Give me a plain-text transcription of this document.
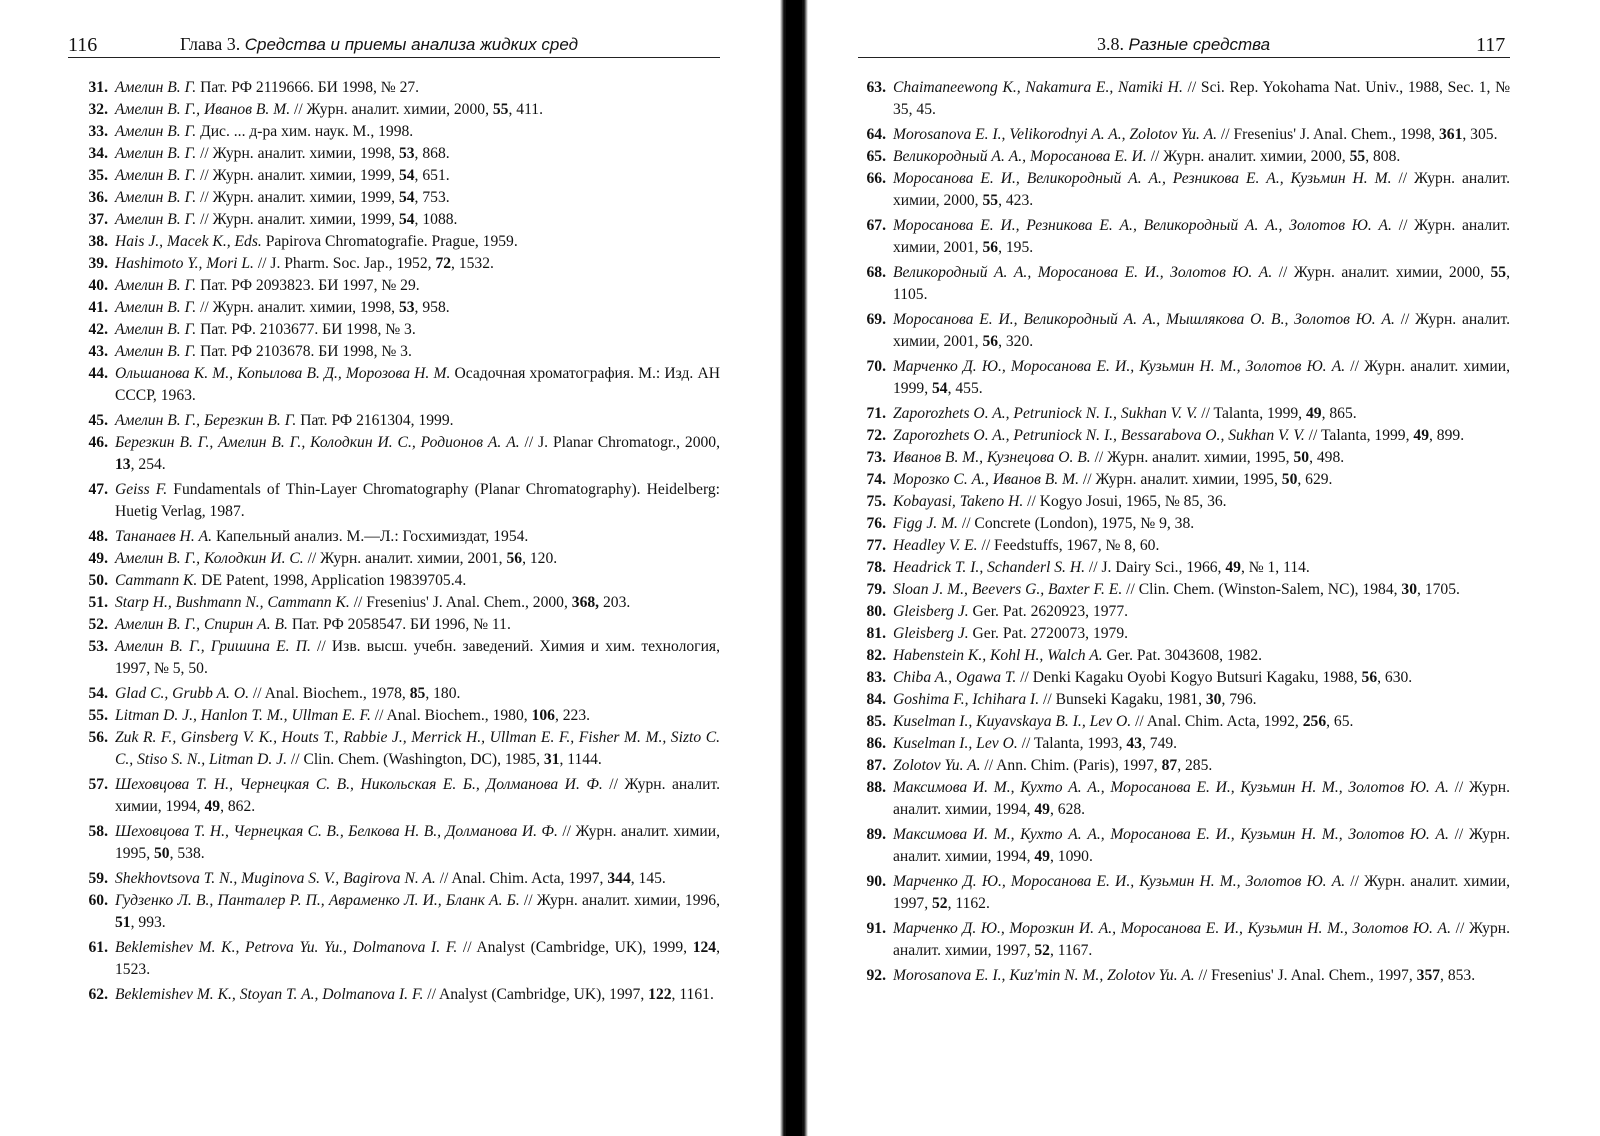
116	Глава 3. Средства и приемы анализа жидких сред
31. Амелин В. Г. Пат. РФ 2119666. БИ 1998, № 27.
32. Амелин В. Г., Иванов В. М. // Журн. аналит. химии, 2000, 55, 411.
33. Амелин В. Г. Дис. ... д-ра хим. наук. М., 1998.
34. Амелин В. Г. // Журн. аналит. химии, 1998, 53, 868.
35. Амелин В. Г. // Журн. аналит. химии, 1999, 54, 651.
36. Амелин В. Г. // Журн. аналит. химии, 1999, 54, 753.
37. Амелин В. Г. // Журн. аналит. химии, 1999, 54, 1088.
38. Hais J., Macek K., Eds. Papirova Chromatografie. Prague, 1959.
39. Hashimoto Y., Mori L. // J. Pharm. Soc. Jap., 1952, 72, 1532.
40. Амелин В. Г. Пат. РФ 2093823. БИ 1997, № 29.
41. Амелин В. Г. // Журн. аналит. химии, 1998, 53, 958.
42. Амелин В. Г. Пат. РФ. 2103677. БИ 1998, № 3.
43. Амелин В. Г. Пат. РФ 2103678. БИ 1998, № 3.
44. Ольшанова К. М., Копылова В. Д., Морозова Н. М. Осадочная хроматография. М.: Изд. АН СССР, 1963.
45. Амелин В. Г., Березкин В. Г. Пат. РФ 2161304, 1999.
46. Березкин В. Г., Амелин В. Г., Колодкин И. С., Родионов А. А. // J. Planar Chromatogr., 2000, 13, 254.
47. Geiss F. Fundamentals of Thin-Layer Chromatography (Planar Chromatography). Heidelberg: Huetig Verlag, 1987.
48. Тананаев Н. А. Капельный анализ. М.—Л.: Госхимиздат, 1954.
49. Амелин В. Г., Колодкин И. С. // Журн. аналит. химии, 2001, 56, 120.
50. Cammann K. DE Patent, 1998, Application 19839705.4.
51. Starp H., Bushmann N., Cammann K. // Fresenius' J. Anal. Chem., 2000, 368, 203.
52. Амелин В. Г., Спирин А. В. Пат. РФ 2058547. БИ 1996, № 11.
53. Амелин В. Г., Гришина Е. П. // Изв. высш. учебн. заведений. Химия и хим. технология, 1997, № 5, 50.
54. Glad C., Grubb A. O. // Anal. Biochem., 1978, 85, 180.
55. Litman D. J., Hanlon T. M., Ullman E. F. // Anal. Biochem., 1980, 106, 223.
56. Zuk R. F., Ginsberg V. K., Houts T., Rabbie J., Merrick H., Ullman E. F., Fisher M. M., Sizto C. C., Stiso S. N., Litman D. J. // Clin. Chem. (Washington, DC), 1985, 31, 1144.
57. Шеховцова Т. Н., Чернецкая С. В., Никольская Е. Б., Долманова И. Ф. // Журн. аналит. химии, 1994, 49, 862.
58. Шеховцова Т. Н., Чернецкая С. В., Белкова Н. В., Долманова И. Ф. // Журн. аналит. химии, 1995, 50, 538.
59. Shekhovtsova T. N., Muginova S. V., Bagirova N. A. // Anal. Chim. Acta, 1997, 344, 145.
60. Гудзенко Л. В., Панталер Р. П., Авраменко Л. И., Бланк А. Б. // Журн. аналит. химии, 1996, 51, 993.
61. Beklemishev M. K., Petrova Yu. Yu., Dolmanova I. F. // Analyst (Cambridge, UK), 1999, 124, 1523.
62. Beklemishev M. K., Stoyan T. A., Dolmanova I. F. // Analyst (Cambridge, UK), 1997, 122, 1161.
3.8. Разные средства	117
63. Chaimaneewong K., Nakamura E., Namiki H. // Sci. Rep. Yokohama Nat. Univ., 1988, Sec. 1, № 35, 45.
64. Morosanova E. I., Velikorodnyi A. A., Zolotov Yu. A. // Fresenius' J. Anal. Chem., 1998, 361, 305.
65. Великородный А. А., Моросанова Е. И. // Журн. аналит. химии, 2000, 55, 808.
66. Моросанова Е. И., Великородный А. А., Резникова Е. А., Кузьмин Н. М. // Журн. аналит. химии, 2000, 55, 423.
67. Моросанова Е. И., Резникова Е. А., Великородный А. А., Золотов Ю. А. // Журн. аналит. химии, 2001, 56, 195.
68. Великородный А. А., Моросанова Е. И., Золотов Ю. А. // Журн. аналит. химии, 2000, 55, 1105.
69. Моросанова Е. И., Великородный А. А., Мышлякова О. В., Золотов Ю. А. // Журн. аналит. химии, 2001, 56, 320.
70. Марченко Д. Ю., Моросанова Е. И., Кузьмин Н. М., Золотов Ю. А. // Журн. аналит. химии, 1999, 54, 455.
71. Zaporozhets O. A., Petruniock N. I., Sukhan V. V. // Talanta, 1999, 49, 865.
72. Zaporozhets O. A., Petruniock N. I., Bessarabova O., Sukhan V. V. // Talanta, 1999, 49, 899.
73. Иванов В. М., Кузнецова О. В. // Журн. аналит. химии, 1995, 50, 498.
74. Морозко С. А., Иванов В. М. // Журн. аналит. химии, 1995, 50, 629.
75. Kobayasi, Takeno H. // Kogyo Josui, 1965, № 85, 36.
76. Figg J. M. // Concrete (London), 1975, № 9, 38.
77. Headley V. E. // Feedstuffs, 1967, № 8, 60.
78. Headrick T. I., Schanderl S. H. // J. Dairy Sci., 1966, 49, № 1, 114.
79. Sloan J. M., Beevers G., Baxter F. E. // Clin. Chem. (Winston-Salem, NC), 1984, 30, 1705.
80. Gleisberg J. Ger. Pat. 2620923, 1977.
81. Gleisberg J. Ger. Pat. 2720073, 1979.
82. Habenstein K., Kohl H., Walch A. Ger. Pat. 3043608, 1982.
83. Chiba A., Ogawa T. // Denki Kagaku Oyobi Kogyo Butsuri Kagaku, 1988, 56, 630.
84. Goshima F., Ichihara I. // Bunseki Kagaku, 1981, 30, 796.
85. Kuselman I., Kuyavskaya B. I., Lev O. // Anal. Chim. Acta, 1992, 256, 65.
86. Kuselman I., Lev O. // Talanta, 1993, 43, 749.
87. Zolotov Yu. A. // Ann. Chim. (Paris), 1997, 87, 285.
88. Максимова И. М., Кухто А. А., Моросанова Е. И., Кузьмин Н. М., Золотов Ю. А. // Журн. аналит. химии, 1994, 49, 628.
89. Максимова И. М., Кухто А. А., Моросанова Е. И., Кузьмин Н. М., Золотов Ю. А. // Журн. аналит. химии, 1994, 49, 1090.
90. Марченко Д. Ю., Моросанова Е. И., Кузьмин Н. М., Золотов Ю. А. // Журн. аналит. химии, 1997, 52, 1162.
91. Марченко Д. Ю., Морозкин И. А., Моросанова Е. И., Кузьмин Н. М., Золотов Ю. А. // Журн. аналит. химии, 1997, 52, 1167.
92. Morosanova E. I., Kuz'min N. M., Zolotov Yu. A. // Fresenius' J. Anal. Chem., 1997, 357, 853.
